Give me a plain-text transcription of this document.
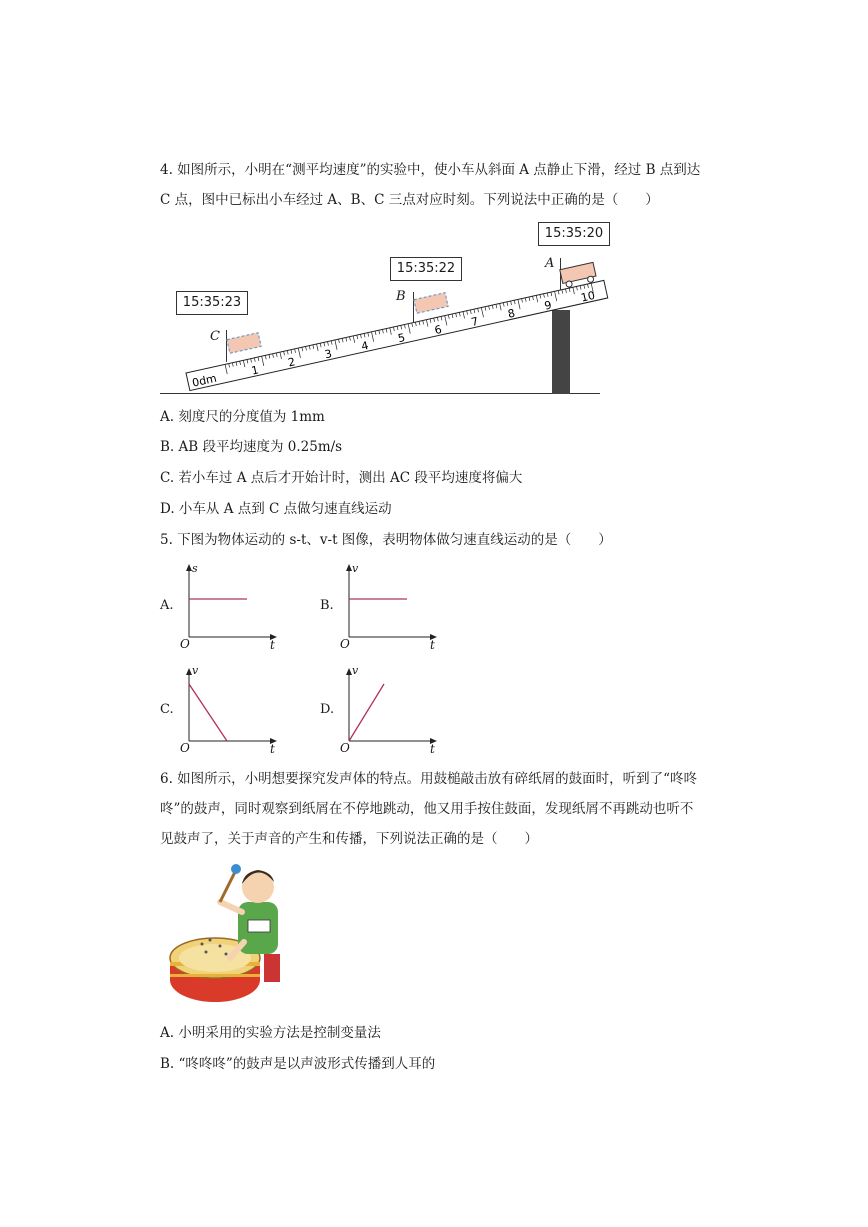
4. 如图所示，小明在“测平均速度”的实验中，使小车从斜面 A 点静止下滑，经过 B 点到达
C 点，图中已标出小车经过 A、B、C 三点对应时刻。下列说法中正确的是（　　）
15:35:20
15:35:22
15:35:23
1
2
3
4
5
6
7
8
9
10
0dm
A
B
C
A. 刻度尺的分度值为 1mm
B. AB 段平均速度为 0.25m/s
C. 若小车过 A 点后才开始计时，测出 AC 段平均速度将偏大
D. 小车从 A 点到 C 点做匀速直线运动
5. 下图为物体运动的 s-t、v-t 图像，表明物体做匀速直线运动的是（　　）
A.
s
t
O
B.
v
t
O
C.
v
t
O
D.
v
t
O
6. 如图所示，小明想要探究发声体的特点。用鼓槌敲击放有碎纸屑的鼓面时，听到了“咚咚
咚”的鼓声，同时观察到纸屑在不停地跳动，他又用手按住鼓面，发现纸屑不再跳动也听不
见鼓声了，关于声音的产生和传播，下列说法正确的是（　　）
A. 小明采用的实验方法是控制变量法
B. “咚咚咚”的鼓声是以声波形式传播到人耳的
